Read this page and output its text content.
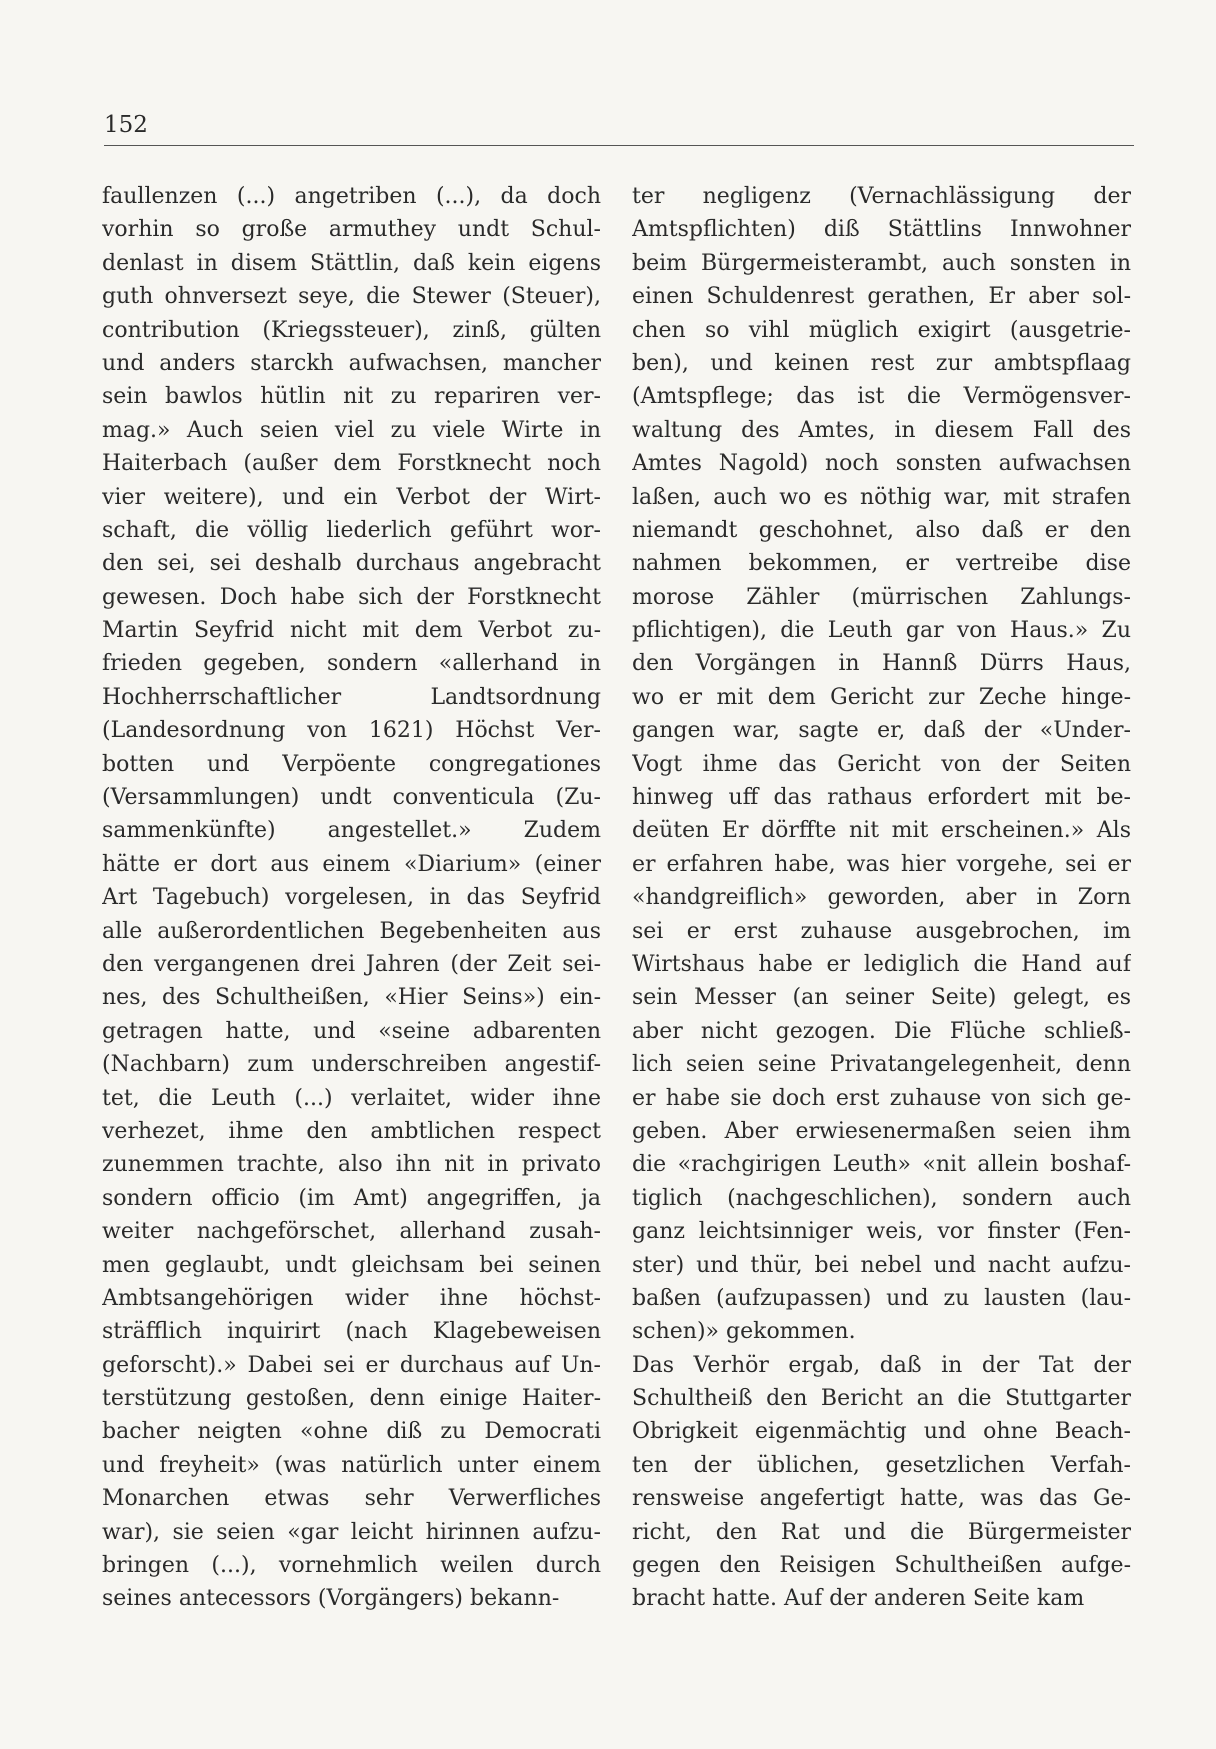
152
faullenzen (...) angetriben (...), da doch
vorhin so große armuthey undt Schul-
denlast in disem Stättlin, daß kein eigens
guth ohnversezt seye, die Stewer (Steuer),
contribution (Kriegssteuer), zinß, gülten
und anders starckh aufwachsen, mancher
sein bawlos hütlin nit zu repariren ver-
mag.» Auch seien viel zu viele Wirte in
Haiterbach (außer dem Forstknecht noch
vier weitere), und ein Verbot der Wirt-
schaft, die völlig liederlich geführt wor-
den sei, sei deshalb durchaus angebracht
gewesen. Doch habe sich der Forstknecht
Martin Seyfrid nicht mit dem Verbot zu-
frieden gegeben, sondern «allerhand in
Hochherrschaftlicher Landtsordnung
(Landesordnung von 1621) Höchst Ver-
botten und Verpöente congregationes
(Versammlungen) undt conventicula (Zu-
sammenkünfte) angestellet.» Zudem
hätte er dort aus einem «Diarium» (einer
Art Tagebuch) vorgelesen, in das Seyfrid
alle außerordentlichen Begebenheiten aus
den vergangenen drei Jahren (der Zeit sei-
nes, des Schultheißen, «Hier Seins») ein-
getragen hatte, und «seine adbarenten
(Nachbarn) zum underschreiben angestif-
tet, die Leuth (...) verlaitet, wider ihne
verhezet, ihme den ambtlichen respect
zunemmen trachte, also ihn nit in privato
sondern officio (im Amt) angegriffen, ja
weiter nachgeförschet, allerhand zusah-
men geglaubt, undt gleichsam bei seinen
Ambtsangehörigen wider ihne höchst-
sträfflich inquirirt (nach Klagebeweisen
geforscht).» Dabei sei er durchaus auf Un-
terstützung gestoßen, denn einige Haiter-
bacher neigten «ohne diß zu Democrati
und freyheit» (was natürlich unter einem
Monarchen etwas sehr Verwerfliches
war), sie seien «gar leicht hirinnen aufzu-
bringen (...), vornehmlich weilen durch
seines antecessors (Vorgängers) bekann-
ter negligenz (Vernachlässigung der
Amtspflichten) diß Stättlins Innwohner
beim Bürgermeisterambt, auch sonsten in
einen Schuldenrest gerathen, Er aber sol-
chen so vihl müglich exigirt (ausgetrie-
ben), und keinen rest zur ambtspflaag
(Amtspflege; das ist die Vermögensver-
waltung des Amtes, in diesem Fall des
Amtes Nagold) noch sonsten aufwachsen
laßen, auch wo es nöthig war, mit strafen
niemandt geschohnet, also daß er den
nahmen bekommen, er vertreibe dise
morose Zähler (mürrischen Zahlungs-
pflichtigen), die Leuth gar von Haus.» Zu
den Vorgängen in Hannß Dürrs Haus,
wo er mit dem Gericht zur Zeche hinge-
gangen war, sagte er, daß der «Under-
Vogt ihme das Gericht von der Seiten
hinweg uff das rathaus erfordert mit be-
deüten Er dörffte nit mit erscheinen.» Als
er erfahren habe, was hier vorgehe, sei er
«handgreiflich» geworden, aber in Zorn
sei er erst zuhause ausgebrochen, im
Wirtshaus habe er lediglich die Hand auf
sein Messer (an seiner Seite) gelegt, es
aber nicht gezogen. Die Flüche schließ-
lich seien seine Privatangelegenheit, denn
er habe sie doch erst zuhause von sich ge-
geben. Aber erwiesenermaßen seien ihm
die «rachgirigen Leuth» «nit allein boshaf-
tiglich (nachgeschlichen), sondern auch
ganz leichtsinniger weis, vor finster (Fen-
ster) und thür, bei nebel und nacht aufzu-
baßen (aufzupassen) und zu lausten (lau-
schen)» gekommen.
Das Verhör ergab, daß in der Tat der
Schultheiß den Bericht an die Stuttgarter
Obrigkeit eigenmächtig und ohne Beach-
ten der üblichen, gesetzlichen Verfah-
rensweise angefertigt hatte, was das Ge-
richt, den Rat und die Bürgermeister
gegen den Reisigen Schultheißen aufge-
bracht hatte. Auf der anderen Seite kam
